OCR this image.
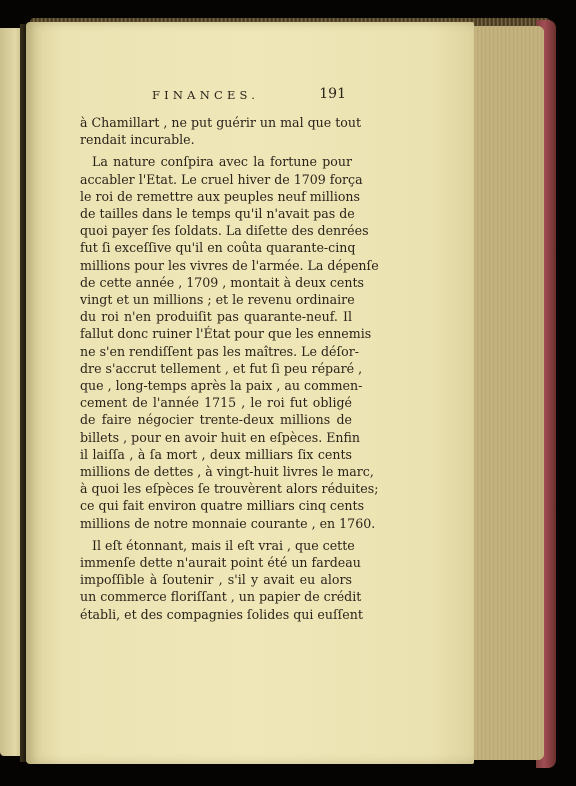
FINANCES.	191
à Chamillart , ne put guérir un mal que tout
rendait incurable.
La nature conſpira avec la fortune pour
accabler l'Etat. Le cruel hiver de 1709 força
le roi de remettre aux peuples neuf millions
de tailles dans le temps qu'il n'avait pas de
quoi payer ſes ſoldats. La diſette des denrées
fut ſi exceſſive qu'il en coûta quarante-cinq
millions pour les vivres de l'armée. La dépenſe
de cette année , 1709 , montait à deux cents
vingt et un millions ; et le revenu ordinaire
du roi n'en produiſit pas quarante-neuf. Il
fallut donc ruiner l'État pour que les ennemis
ne s'en rendiſſent pas les maîtres. Le déſor-
dre s'accrut tellement , et fut ſi peu réparé ,
que , long-temps après la paix , au commen-
cement de l'année 1715 , le roi fut obligé
de faire négocier trente-deux millions de
billets , pour en avoir huit en eſpèces. Enfin
il laiſſa , à ſa mort , deux milliars ſix cents
millions de dettes , à vingt-huit livres le marc,
à quoi les eſpèces ſe trouvèrent alors réduites;
ce qui fait environ quatre milliars cinq cents
millions de notre monnaie courante , en 1760.
Il eſt étonnant, mais il eſt vrai , que cette
immenſe dette n'aurait point été un fardeau
impoſſible à ſoutenir , s'il y avait eu alors
un commerce floriſſant , un papier de crédit
établi, et des compagnies ſolides qui euſſent
